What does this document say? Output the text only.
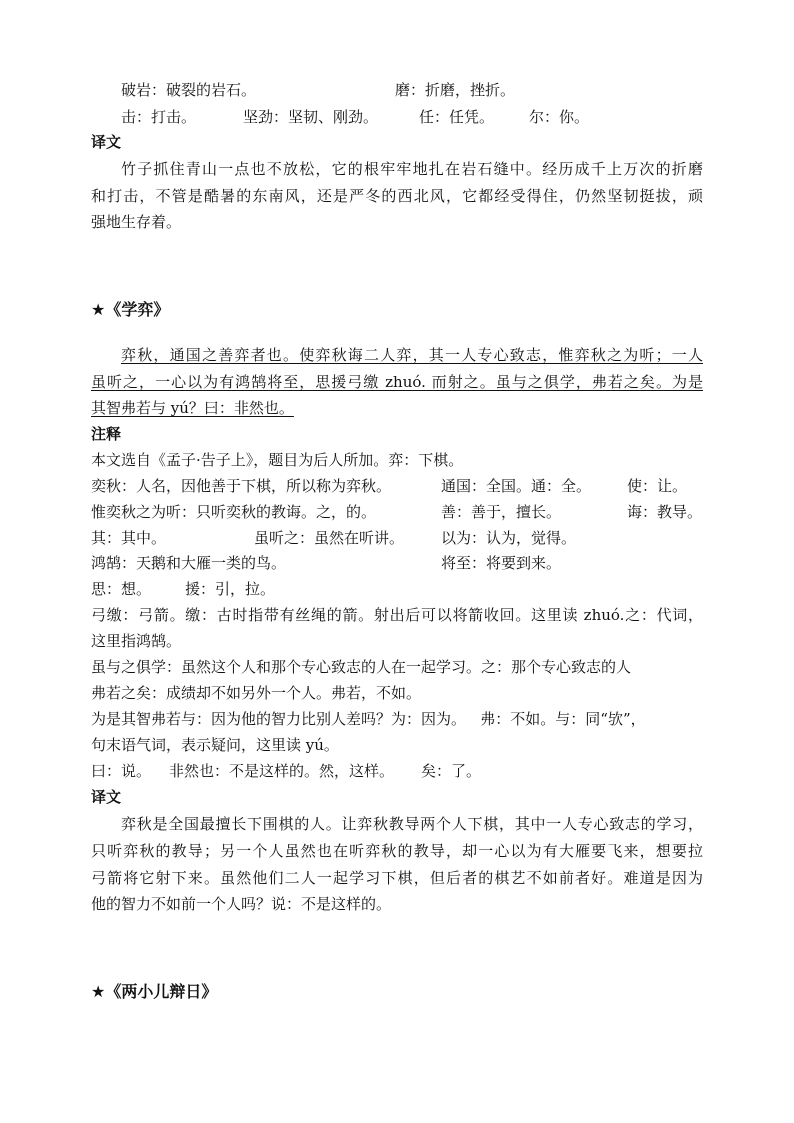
破岩：破裂的岩石。	磨：折磨，挫折。
击：打击。	坚劲：坚韧、刚劲。	任：任凭。 尔：你。
译文
竹子抓住青山一点也不放松，它的根牢牢地扎在岩石缝中。经历成千上万次的折磨
和打击，不管是酷暑的东南风，还是严冬的西北风，它都经受得住，仍然坚韧挺拔，顽
强地生存着。
★《学弈》
弈秋，通国之善弈者也。使弈秋诲二人弈，其一人专心致志，惟弈秋之为听；一人
虽听之，一心以为有鸿鹄将至，思援弓缴 zhuó. 而射之。虽与之俱学，弗若之矣。为是
其智弗若与 yú？曰：非然也。
注释
本文选自《孟子·告子上》，题目为后人所加。弈：下棋。
奕秋：人名，因他善于下棋，所以称为弈秋。	通国：全国。通：全。 使：让。
惟奕秋之为听：只听奕秋的教诲。之，的。	善：善于，擅长。	诲：教导。
其：其中。	虽听之：虽然在听讲。 以为：认为，觉得。
鸿鹄：天鹅和大雁一类的鸟。	将至：将要到来。
思：想。 援：引，拉。
弓缴：弓箭。缴：古时指带有丝绳的箭。射出后可以将箭收回。这里读 zhuó.之：代词，
这里指鸿鹄。
虽与之俱学：虽然这个人和那个专心致志的人在一起学习。之：那个专心致志的人
弗若之矣：成绩却不如另外一个人。弗若，不如。
为是其智弗若与：因为他的智力比别人差吗？为：因为。   弗：不如。与：同“欤”，
句末语气词，表示疑问，这里读 yú。
曰：说。 非然也：不是这样的。然，这样。 矣：了。
译文
弈秋是全国最擅长下围棋的人。让弈秋教导两个人下棋，其中一人专心致志的学习，
只听弈秋的教导；另一个人虽然也在听弈秋的教导，却一心以为有大雁要飞来，想要拉
弓箭将它射下来。虽然他们二人一起学习下棋，但后者的棋艺不如前者好。难道是因为
他的智力不如前一个人吗？说：不是这样的。
★《两小儿辩日》
